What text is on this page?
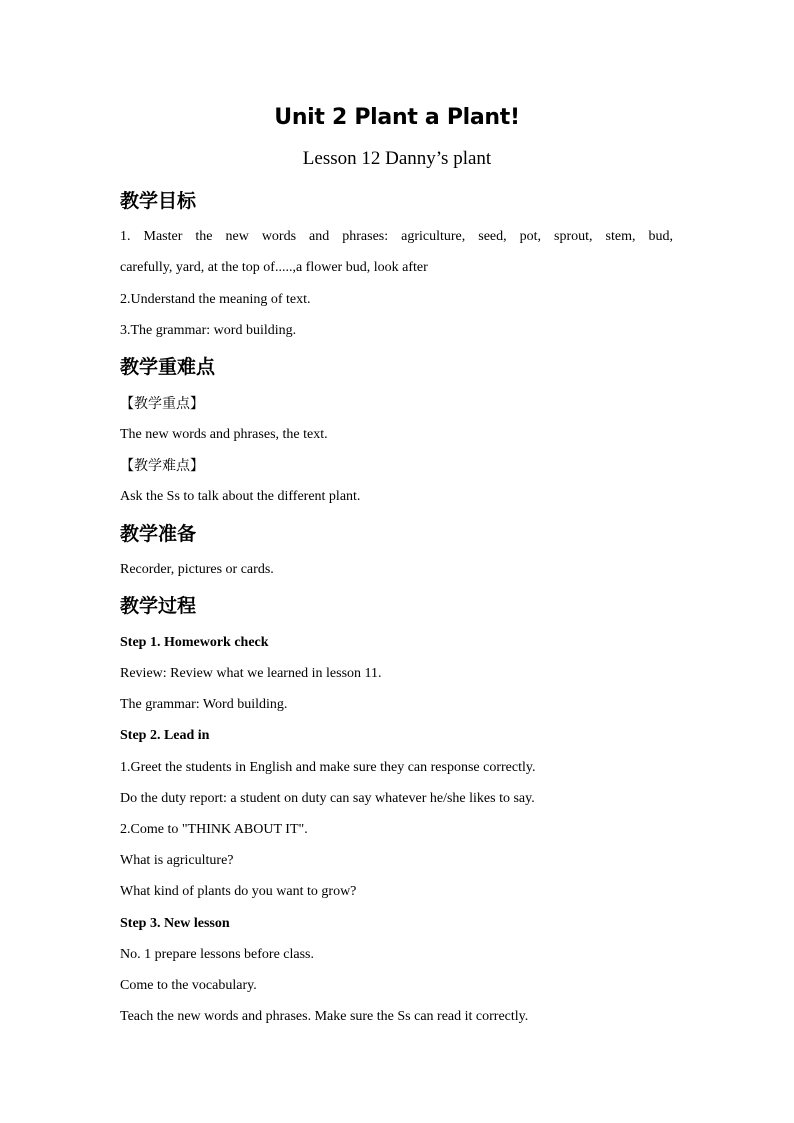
Unit 2 Plant a Plant!
Lesson 12 Danny’s plant
教学目标
1. Master the new words and phrases: agriculture, seed, pot, sprout, stem, bud,
carefully, yard, at the top of.....,a flower bud, look after
2.Understand the meaning of text.
3.The grammar: word building.
教学重难点
【教学重点】
The new words and phrases, the text.
【教学难点】
Ask the Ss to talk about the different plant.
教学准备
Recorder, pictures or cards.
教学过程
Step 1. Homework check
Review: Review what we learned in lesson 11.
The grammar: Word building.
Step 2. Lead in
1.Greet the students in English and make sure they can response correctly.
Do the duty report: a student on duty can say whatever he/she likes to say.
2.Come to "THINK ABOUT IT".
What is agriculture?
What kind of plants do you want to grow?
Step 3. New lesson
No. 1 prepare lessons before class.
Come to the vocabulary.
Teach the new words and phrases. Make sure the Ss can read it correctly.
